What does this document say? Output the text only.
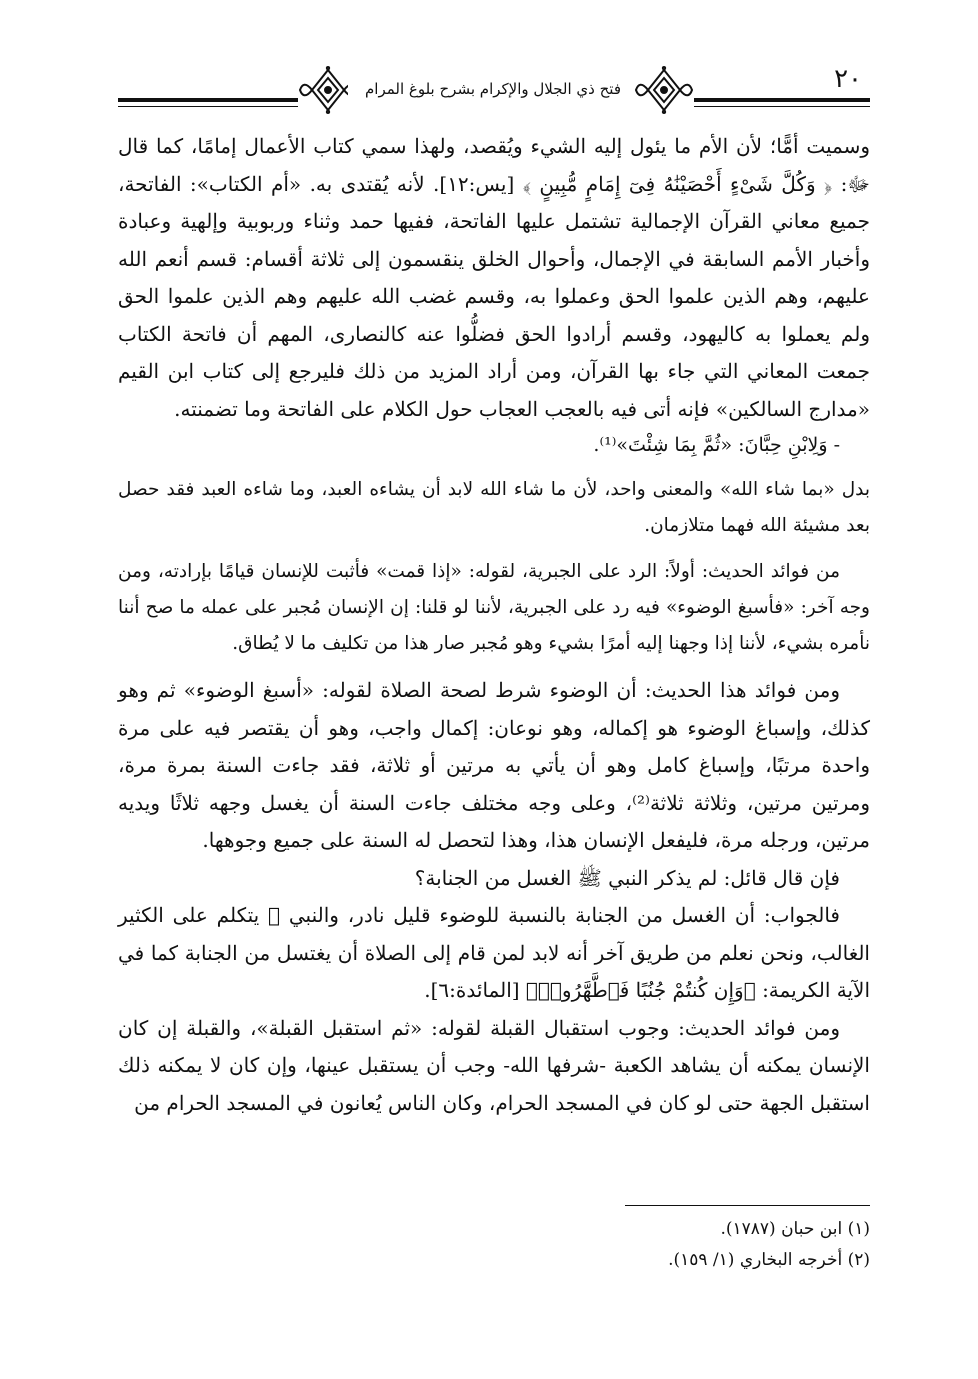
فتح ذي الجلال والإكرام بشرح بلوغ المرام	٢٠

وسميت أمًّا؛ لأن الأم ما يئول إليه الشيء ويُقصد، ولهذا سمي كتاب الأعمال إمامًا، كما قال ﷻ: ﴿ وَكُلَّ شَىْءٍ أَحْصَيْنَٰهُ فِىٓ إِمَامٍ مُّبِينٍ ﴾ [يس:١٢]. لأنه يُقتدى به. «أم الكتاب»: الفاتحة، جميع معاني القرآن الإجمالية تشتمل عليها الفاتحة، ففيها حمد وثناء وربوبية وإلهية وعبادة وأخبار الأمم السابقة في الإجمال، وأحوال الخلق ينقسمون إلى ثلاثة أقسام: قسم أنعم الله عليهم، وهم الذين علموا الحق وعملوا به، وقسم غضب الله عليهم وهم الذين علموا الحق ولم يعملوا به كاليهود، وقسم أرادوا الحق فضلُّوا عنه كالنصارى، المهم أن فاتحة الكتاب جمعت المعاني التي جاء بها القرآن، ومن أراد المزيد من ذلك فليرجع إلى كتاب ابن القيم «مدارج السالكين» فإنه أتى فيه بالعجب العجاب حول الكلام على الفاتحة وما تضمنته.

- وَلِابْنِ حِبَّانَ: «ثُمَّ بِمَا شِئْتَ»⁽¹⁾.

بدل «بما شاء الله» والمعنى واحد، لأن ما شاء الله لابد أن يشاءه العبد، وما شاءه العبد فقد حصل بعد مشيئة الله فهما متلازمان.

من فوائد الحديث: أولاً: الرد على الجبرية، لقوله: «إذا قمت» فأثبت للإنسان قيامًا بإرادته، ومن وجه آخر: «فأسبغ الوضوء» فيه رد على الجبرية، لأننا لو قلنا: إن الإنسان مُجبر على عمله ما صح أننا نأمره بشيء، لأننا إذا وجهنا إليه أمرًا بشيء وهو مُجبر صار هذا من تكليف ما لا يُطاق.

ومن فوائد هذا الحديث: أن الوضوء شرط لصحة الصلاة لقوله: «أسبغ الوضوء» ثم وهو كذلك، وإسباغ الوضوء هو إكماله، وهو نوعان: إكمال واجب، وهو أن يقتصر فيه على مرة واحدة مرتبًا، وإسباغ كامل وهو أن يأتي به مرتين أو ثلاثة، فقد جاءت السنة بمرة مرة، ومرتين مرتين، وثلاثة ثلاثة⁽²⁾، وعلى وجه مختلف جاءت السنة أن يغسل وجهه ثلاثًا ويديه مرتين، ورجله مرة، فليفعل الإنسان هذا، وهذا لتحصل له السنة على جميع وجوهها.

فإن قال قائل: لم يذكر النبي ﷺ الغسل من الجنابة؟

فالجواب: أن الغسل من الجنابة بالنسبة للوضوء قليل نادر، والنبي ﷺ يتكلم على الكثير الغالب، ونحن نعلم من طريق آخر أنه لابد لمن قام إلى الصلاة أن يغتسل من الجنابة كما في الآية الكريمة: ﴿وَإِن كُنتُمْ جُنُبًا فَٱطَّهَّرُوا۟﴾ [المائدة:٦].

ومن فوائد الحديث: وجوب استقبال القبلة لقوله: «ثم استقبل القبلة»، والقبلة إن كان الإنسان يمكنه أن يشاهد الكعبة -شرفها الله- وجب أن يستقبل عينها، وإن كان لا يمكنه ذلك استقبل الجهة حتى لو كان في المسجد الحرام، وكان الناس يُعانون في المسجد الحرام من

(١) ابن حبان (١٧٨٧).

(٢) أخرجه البخاري (١/ ١٥٩).
